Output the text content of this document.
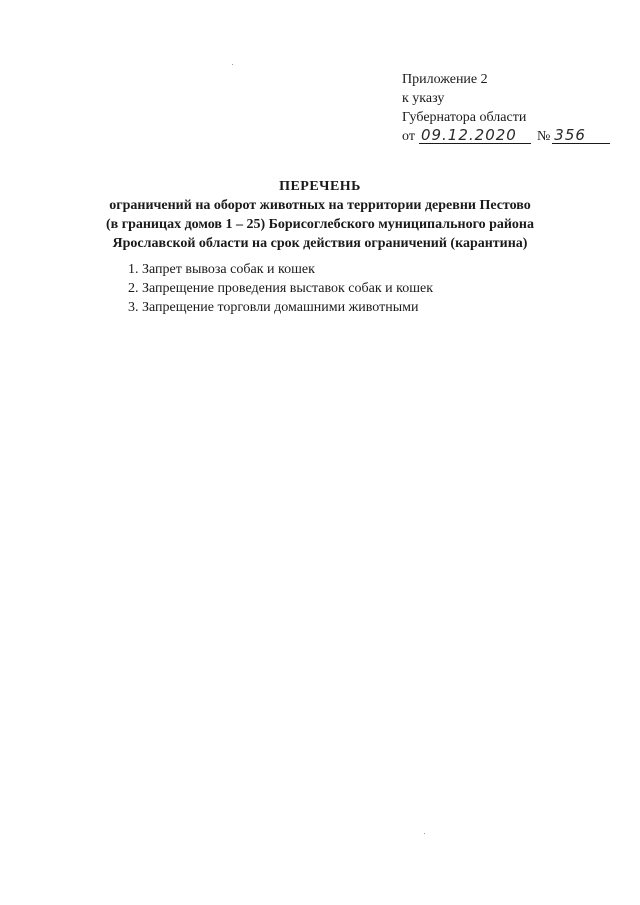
Приложение 2
к указу
Губернатора области
от 09.12.2020 № 356
ПЕРЕЧЕНЬ
ограничений на оборот животных на территории деревни Пестово
(в границах домов 1 – 25) Борисоглебского муниципального района
Ярославской области на срок действия ограничений (карантина)
1. Запрет вывоза собак и кошек
2. Запрещение проведения выставок собак и кошек
3. Запрещение торговли домашними животными
